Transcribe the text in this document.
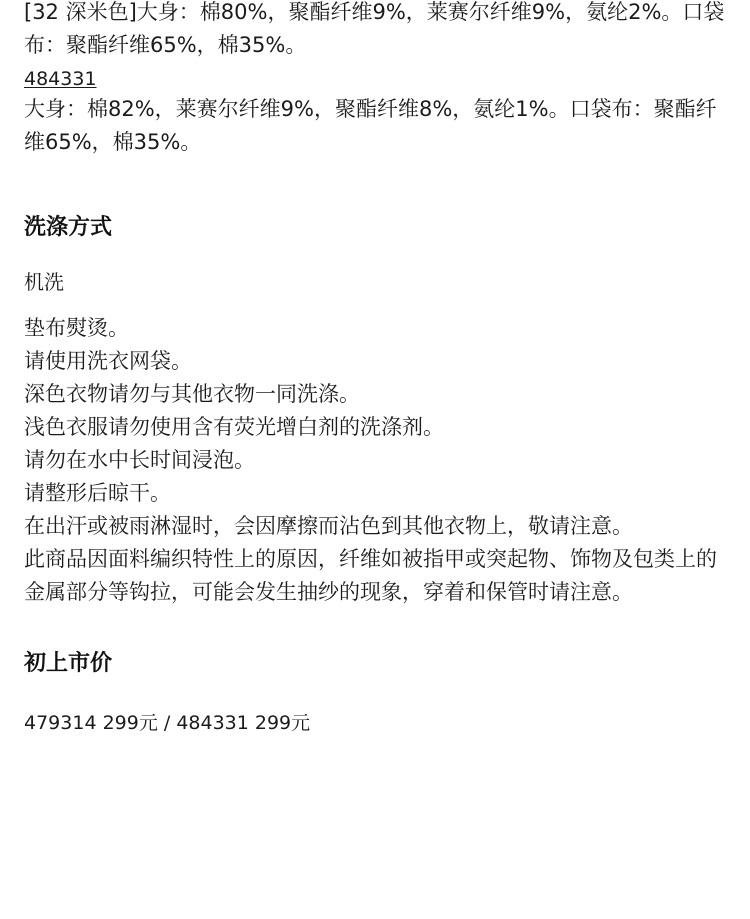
[32 深米色]大身：棉80%，聚酯纤维9%，莱赛尔纤维9%，氨纶2%。口袋布：聚酯纤维65%，棉35%。
484331
大身：棉82%，莱赛尔纤维9%，聚酯纤维8%，氨纶1%。口袋布：聚酯纤维65%，棉35%。
洗涤方式
机洗
垫布熨烫。
请使用洗衣网袋。
深色衣物请勿与其他衣物一同洗涤。
浅色衣服请勿使用含有荧光增白剂的洗涤剂。
请勿在水中长时间浸泡。
请整形后晾干。
在出汗或被雨淋湿时，会因摩擦而沾色到其他衣物上，敬请注意。
此商品因面料编织特性上的原因，纤维如被指甲或突起物、饰物及包类上的金属部分等钩拉，可能会发生抽纱的现象，穿着和保管时请注意。
初上市价
479314 299元 / 484331 299元
